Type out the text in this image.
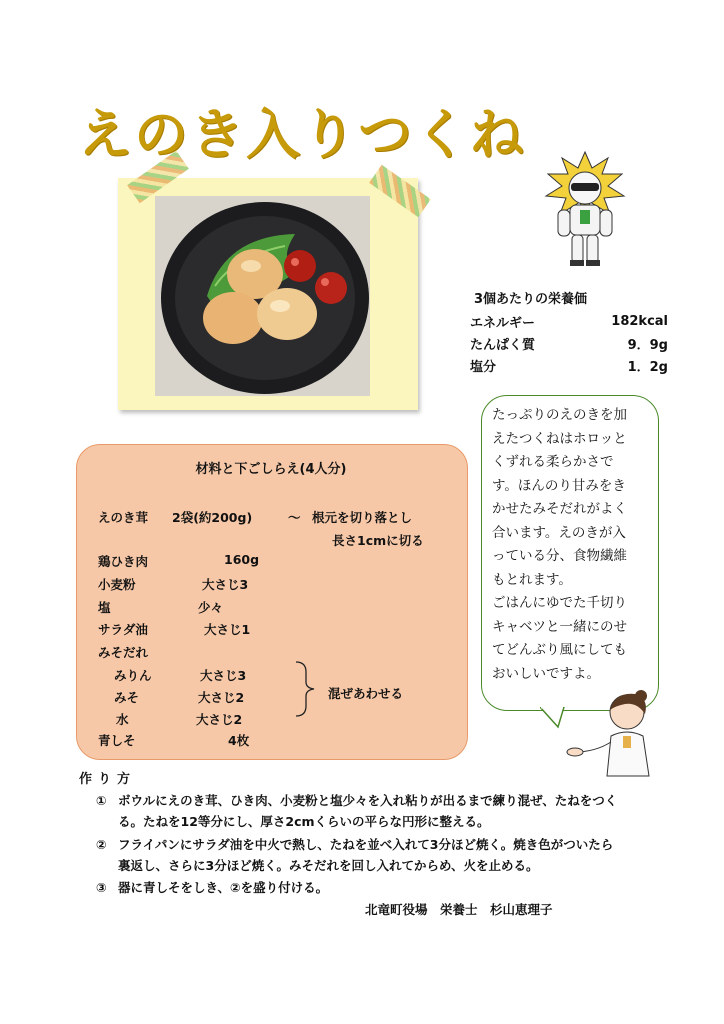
えのき入りつくね
3個あたりの栄養価
エネルギー	182kcal
たんぱく質	9．9g
塩分	1．2g
たっぷりのえのきを加
えたつくねはホロッと
くずれる柔らかさで
す。ほんのり甘みをき
かせたみそだれがよく
合います。えのきが入
っている分、食物繊維
もとれます。
ごはんにゆでた千切り
キャベツと一緒にのせ
てどんぶり風にしても
おいしいですよ。
材料と下ごしらえ(4人分)
えのき茸 2袋(約200g)	～ 根元を切り落とし
長さ1cmに切る
鶏ひき肉	160g
小麦粉	大さじ3
塩	少々
サラダ油	大さじ1
みそだれ
みりん	大さじ3
みそ	大さじ2
水	大さじ2
混ぜあわせる
青しそ	4枚
作り方
① ボウルにえのき茸、ひき肉、小麦粉と塩少々を入れ粘りが出るまで練り混ぜ、たねをつく
る。たねを12等分にし、厚さ2cmくらいの平らな円形に整える。
② フライパンにサラダ油を中火で熱し、たねを並べ入れて3分ほど焼く。焼き色がついたら
裏返し、さらに3分ほど焼く。みそだれを回し入れてからめ、火を止める。
③ 器に青しそをしき、②を盛り付ける。
北竜町役場　栄養士　杉山恵理子
